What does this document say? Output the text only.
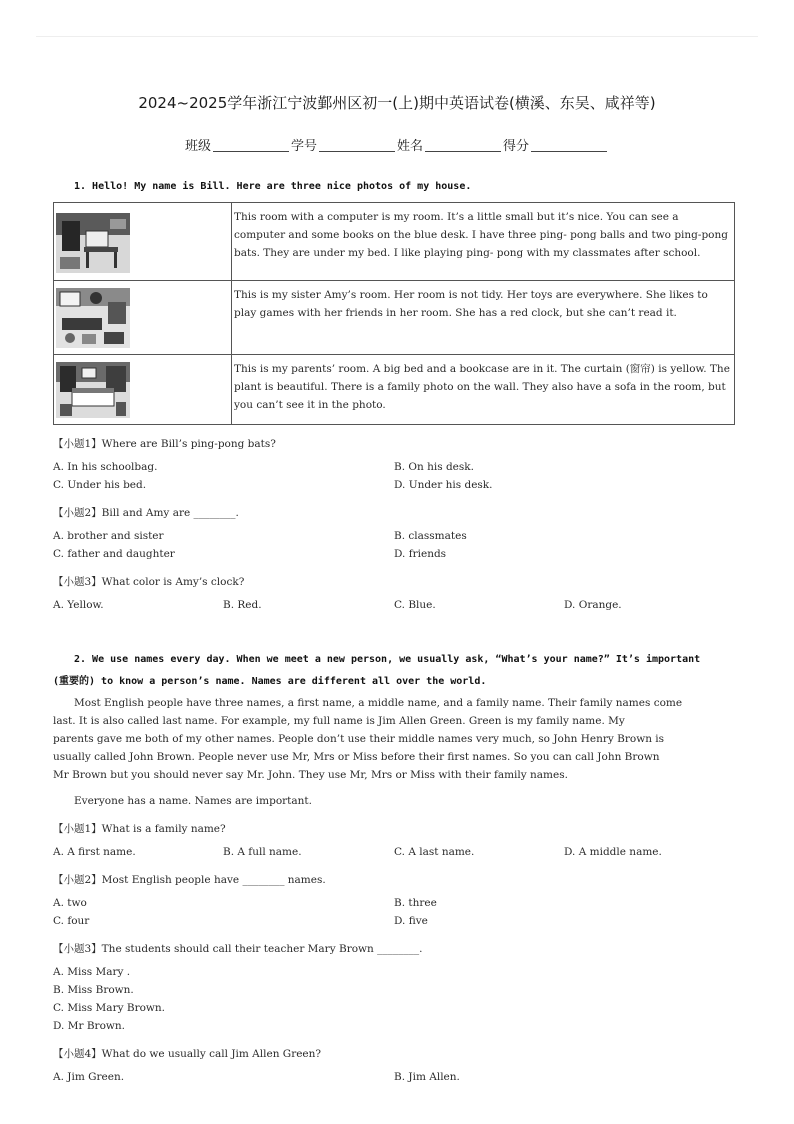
2024~2025学年浙江宁波鄞州区初一(上)期中英语试卷(横溪、东吴、咸祥等)
班级	学号	姓名	得分
1. Hello! My name is Bill. Here are three nice photos of my house.
	This room with a computer is my room. It’s a little small but it’s nice. You can see a computer and some books on the blue desk. I have three ping- pong balls and two ping-pong bats. They are under my bed. I like playing ping- pong with my classmates after school.

	This is my sister Amy’s room. Her room is not tidy. Her toys are everywhere. She likes to play games with her friends in her room. She has a red clock, but she can’t read it.

	This is my parents’ room. A big bed and a bookcase are in it. The curtain (窗帘) is yellow. The plant is beautiful. There is a family photo on the wall. They also have a sofa in the room, but you can’t see it in the photo.
【小题1】Where are Bill’s ping-pong bats?
A. In his schoolbag.	B. On his desk.
C. Under his bed.	D. Under his desk.
【小题2】Bill and Amy are ________.
A. brother and sister	B. classmates
C. father and daughter	D. friends
【小题3】What color is Amy’s clock?
A. Yellow.	B. Red.	C. Blue.	D. Orange.
2. We use names every day. When we meet a new person, we usually ask, “What’s your name?” It’s important
(重要的) to know a person’s name. Names are different all over the world.
Most English people have three names, a first name, a middle name, and a family name. Their family names come
last. It is also called last name. For example, my full name is Jim Allen Green. Green is my family name. My
parents gave me both of my other names. People don’t use their middle names very much, so John Henry Brown is
usually called John Brown. People never use Mr, Mrs or Miss before their first names. So you can call John Brown
Mr Brown but you should never say Mr. John. They use Mr, Mrs or Miss with their family names.
Everyone has a name. Names are important.
【小题1】What is a family name?
A. A first name.	B. A full name.	C. A last name.	D. A middle name.
【小题2】Most English people have ________ names.
A. two	B. three
C. four	D. five
【小题3】The students should call their teacher Mary Brown ________.
A. Miss Mary .
B. Miss Brown.
C. Miss Mary Brown.
D. Mr Brown.
【小题4】What do we usually call Jim Allen Green?
A. Jim Green.	B. Jim Allen.
